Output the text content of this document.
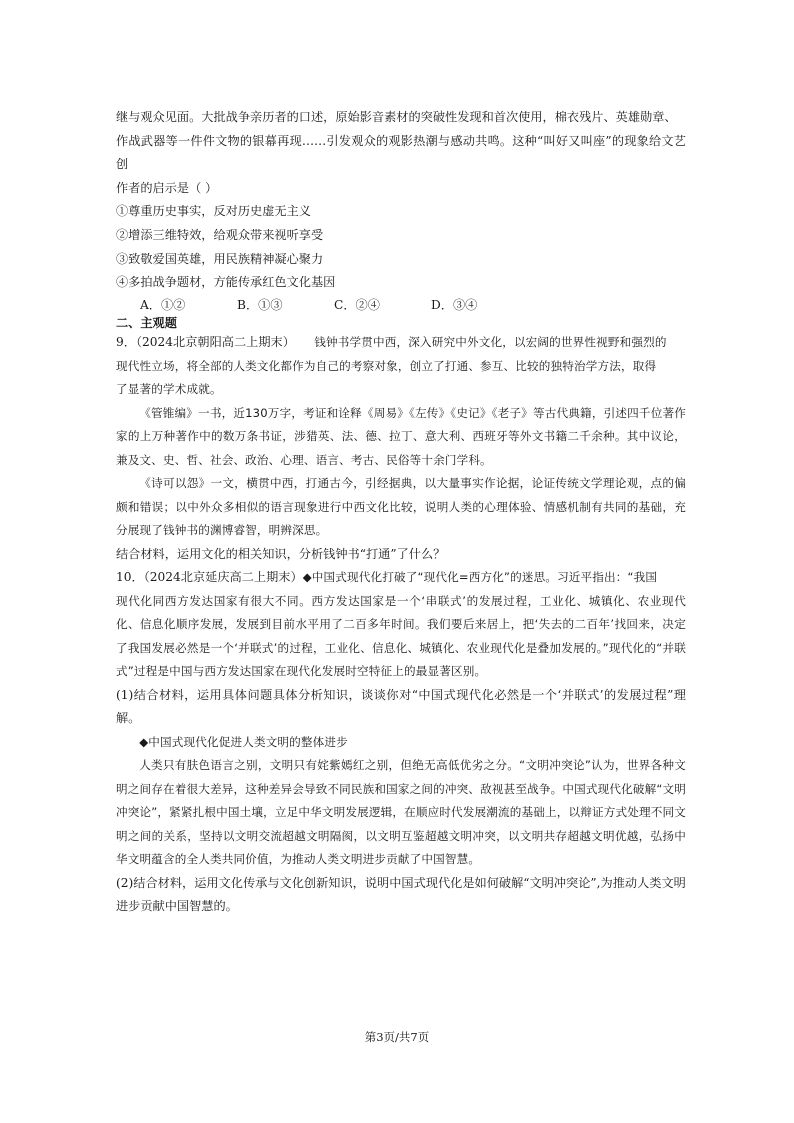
继与观众见面。大批战争亲历者的口述，原始影音素材的突破性发现和首次使用，棉衣残片、英雄勋章、

作战武器等一件件文物的银幕再现……引发观众的观影热潮与感动共鸣。这种“叫好又叫座”的现象给文艺创

作者的启示是（ ）

①尊重历史事实，反对历史虚无主义

②增添三维特效，给观众带来视听享受

③致敬爱国英雄，用民族精神凝心聚力

④多拍战争题材，方能传承红色文化基因

A．①②	B．①③	C．②④	D．③④

二、主观题

9．（2024北京朝阳高二上期末） 钱钟书学贯中西，深入研究中外文化，以宏阔的世界性视野和强烈的

现代性立场，将全部的人类文化都作为自己的考察对象，创立了打通、参互、比较的独特治学方法，取得

了显著的学术成就。

《管锥编》一书，近130万字，考证和诠释《周易》《左传》《史记》《老子》等古代典籍，引述四千位著作家的上万种著作中的数万条书证，涉猎英、法、德、拉丁、意大利、西班牙等外文书籍二千余种。其中议论，兼及文、史、哲、社会、政治、心理、语言、考古、民俗等十余门学科。

《诗可以怨》一文，横贯中西，打通古今，引经据典，以大量事实作论据，论证传统文学理论观，点的偏颇和错误；以中外众多相似的语言现象进行中西文化比较，说明人类的心理体验、情感机制有共同的基础，充分展现了钱钟书的渊博睿智，明辨深思。

结合材料，运用文化的相关知识，分析钱钟书“打通”了什么？

10．（2024北京延庆高二上期末）◆中国式现代化打破了“现代化=西方化”的迷思。习近平指出：“我国

现代化同西方发达国家有很大不同。西方发达国家是一个‘串联式’的发展过程，工业化、城镇化、农业现代化、信息化顺序发展，发展到目前水平用了二百多年时间。我们要后来居上，把‘失去的二百年’找回来，决定了我国发展必然是一个‘并联式’的过程，工业化、信息化、城镇化、农业现代化是叠加发展的。”现代化的“并联式”过程是中国与西方发达国家在现代化发展时空特征上的最显著区别。

(1)结合材料，运用具体问题具体分析知识，谈谈你对“中国式现代化必然是一个‘并联式’的发展过程”理解。

◆中国式现代化促进人类文明的整体进步

人类只有肤色语言之别，文明只有姹紫嫣红之别，但绝无高低优劣之分。“文明冲突论”认为，世界各种文明之间存在着很大差异，这种差异会导致不同民族和国家之间的冲突、敌视甚至战争。中国式现代化破解“文明冲突论”，紧紧扎根中国土壤，立足中华文明发展逻辑，在顺应时代发展潮流的基础上，以辩证方式处理不同文明之间的关系，坚持以文明交流超越文明隔阂，以文明互鉴超越文明冲突，以文明共存超越文明优越，弘扬中华文明蕴含的全人类共同价值，为推动人类文明进步贡献了中国智慧。

(2)结合材料，运用文化传承与文化创新知识，说明中国式现代化是如何破解“文明冲突论”,为推动人类文明

进步贡献中国智慧的。

第3页/共7页
